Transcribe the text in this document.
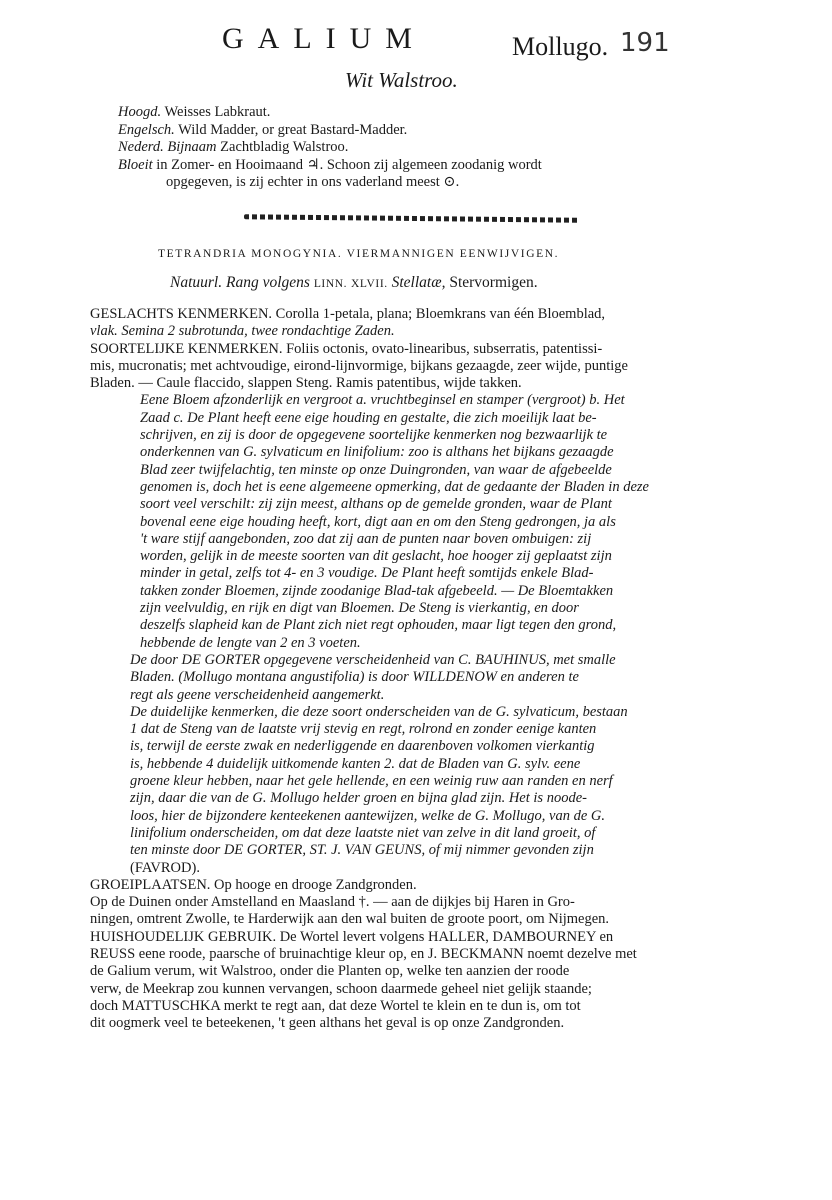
GALIUM	Mollugo. 191
Wit Walstroo.
Hoogd. Weisses Labkraut.
Engelsch. Wild Madder, or great Bastard-Madder.
Nederd. Bijnaam Zachtbladig Walstroo.
Bloeit in Zomer- en Hooimaand ♃. Schoon zij algemeen zoodanig wordt
opgegeven, is zij echter in ons vaderland meest ⊙.
TETRANDRIA MONOGYNIA. VIERMANNIGEN EENWIJVIGEN.
Natuurl. Rang volgens LINN. XLVII. Stellatæ, Stervormigen.

GESLACHTS KENMERKEN. Corolla 1-petala, plana; Bloemkrans van één Bloemblad,

vlak. Semina 2 subrotunda, twee rondachtige Zaden.

SOORTELIJKE KENMERKEN. Foliis octonis, ovato-linearibus, subserratis, patentissi-

mis, mucronatis; met achtvoudige, eirond-lijnvormige, bijkans gezaagde, zeer wijde, puntige

Bladen. — Caule flaccido, slappen Steng. Ramis patentibus, wijde takken.

Eene Bloem afzonderlijk en vergroot a. vruchtbeginsel en stamper (vergroot) b. Het

Zaad c. De Plant heeft eene eige houding en gestalte, die zich moeilijk laat be-

schrijven, en zij is door de opgegevene soortelijke kenmerken nog bezwaarlijk te

onderkennen van G. sylvaticum en linifolium: zoo is althans het bijkans gezaagde

Blad zeer twijfelachtig, ten minste op onze Duingronden, van waar de afgebeelde

genomen is, doch het is eene algemeene opmerking, dat de gedaante der Bladen in deze

soort veel verschilt: zij zijn meest, althans op de gemelde gronden, waar de Plant

bovenal eene eige houding heeft, kort, digt aan en om den Steng gedrongen, ja als

't ware stijf aangebonden, zoo dat zij aan de punten naar boven ombuigen: zij

worden, gelijk in de meeste soorten van dit geslacht, hoe hooger zij geplaatst zijn

minder in getal, zelfs tot 4- en 3 voudige. De Plant heeft somtijds enkele Blad-

takken zonder Bloemen, zijnde zoodanige Blad-tak afgebeeld. — De Bloemtakken

zijn veelvuldig, en rijk en digt van Bloemen. De Steng is vierkantig, en door

deszelfs slapheid kan de Plant zich niet regt ophouden, maar ligt tegen den grond,

hebbende de lengte van 2 en 3 voeten.

De door DE GORTER opgegevene verscheidenheid van C. BAUHINUS, met smalle

Bladen. (Mollugo montana angustifolia) is door WILLDENOW en anderen te

regt als geene verscheidenheid aangemerkt.

De duidelijke kenmerken, die deze soort onderscheiden van de G. sylvaticum, bestaan

1 dat de Steng van de laatste vrij stevig en regt, rolrond en zonder eenige kanten

is, terwijl de eerste zwak en nederliggende en daarenboven volkomen vierkantig

is, hebbende 4 duidelijk uitkomende kanten 2. dat de Bladen van G. sylv. eene

groene kleur hebben, naar het gele hellende, en een weinig ruw aan randen en nerf

zijn, daar die van de G. Mollugo helder groen en bijna glad zijn. Het is noode-

loos, hier de bijzondere kenteekenen aantewijzen, welke de G. Mollugo, van de G.

linifolium onderscheiden, om dat deze laatste niet van zelve in dit land groeit, of

ten minste door DE GORTER, ST. J. VAN GEUNS, of mij nimmer gevonden zijn

(FAVROD).

GROEIPLAATSEN. Op hooge en drooge Zandgronden.

Op de Duinen onder Amstelland en Maasland †. — aan de dijkjes bij Haren in Gro-

ningen, omtrent Zwolle, te Harderwijk aan den wal buiten de groote poort, om Nijmegen.

HUISHOUDELIJK GEBRUIK. De Wortel levert volgens HALLER, DAMBOURNEY en

REUSS eene roode, paarsche of bruinachtige kleur op, en J. BECKMANN noemt dezelve met

de Galium verum, wit Walstroo, onder die Planten op, welke ten aanzien der roode

verw, de Meekrap zou kunnen vervangen, schoon daarmede geheel niet gelijk staande;

doch MATTUSCHKA merkt te regt aan, dat deze Wortel te klein en te dun is, om tot

dit oogmerk veel te beteekenen, 't geen althans het geval is op onze Zandgronden.
